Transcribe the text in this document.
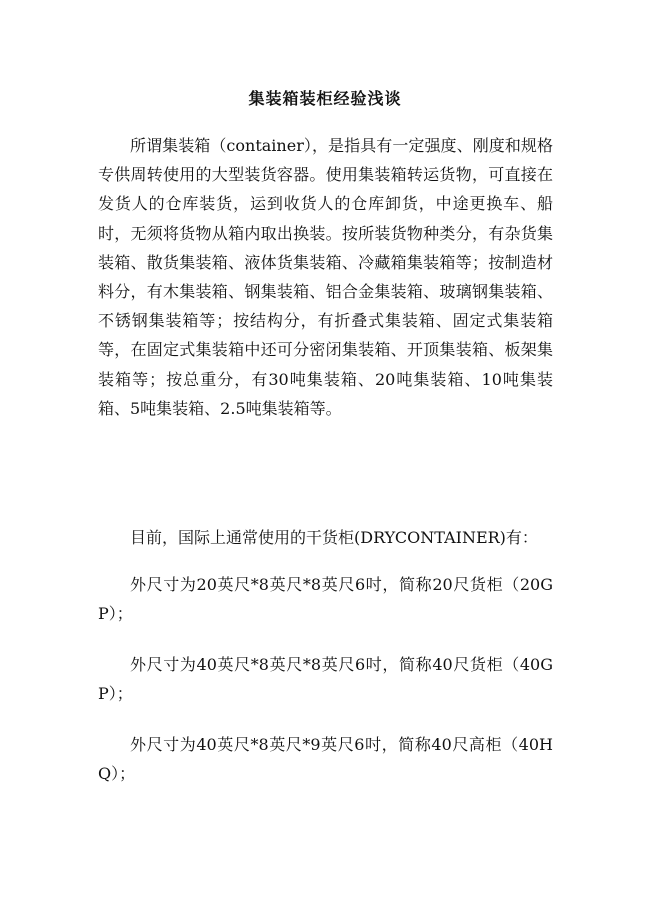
集装箱装柜经验浅谈

所谓集装箱（container），是指具有一定强度、刚度和规格专供周转使用的大型装货容器。使用集装箱转运货物，可直接在发货人的仓库装货，运到收货人的仓库卸货，中途更换车、船时，无须将货物从箱内取出换装。按所装货物种类分，有杂货集装箱、散货集装箱、液体货集装箱、冷藏箱集装箱等；按制造材料分，有木集装箱、钢集装箱、铝合金集装箱、玻璃钢集装箱、不锈钢集装箱等；按结构分，有折叠式集装箱、固定式集装箱等，在固定式集装箱中还可分密闭集装箱、开顶集装箱、板架集装箱等；按总重分，有30吨集装箱、20吨集装箱、10吨集装箱、5吨集装箱、2.5吨集装箱等。

目前，国际上通常使用的干货柜(DRYCONTAINER)有：

外尺寸为20英尺*8英尺*8英尺6吋，简称20尺货柜（20GP）；

外尺寸为40英尺*8英尺*8英尺6吋，简称40尺货柜（40GP）；

外尺寸为40英尺*8英尺*9英尺6吋，简称40尺高柜（40HQ）；
